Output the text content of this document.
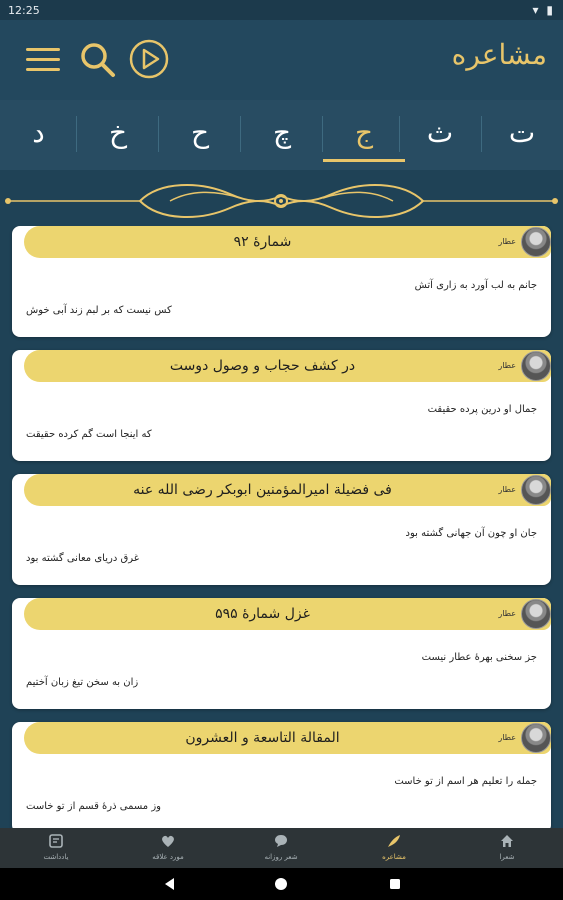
12:25	▾ ▮
مشاعره
ت
ث
ج
چ
ح
خ
د
شمارهٔ ۹۲	عطار
جانم به لب آورد به زاری آتش
کس نیست که بر لبم زند آبی خوش
در کشف حجاب و وصول دوست	عطار
جمال او درین پرده حقیقت
که اینجا است گم کرده حقیقت
فی فضیلة امیرالمؤمنین ابوبکر رضی الله عنه	عطار
جان او چون آن جهانی گشته بود
غرق دریای معانی گشته بود
غزل شمارهٔ ۵۹۵	عطار
جز سخنی بهرهٔ عطار نیست
زان به سخن تیغ زبان آختیم
المقالة التاسعة و العشرون	عطار
جمله را تعلیم هر اسم از تو خاست
وز مسمی ذرهٔ قسم از تو خاست
یادداشت	مورد علاقه	شعر روزانه	مشاعره	شعرا
